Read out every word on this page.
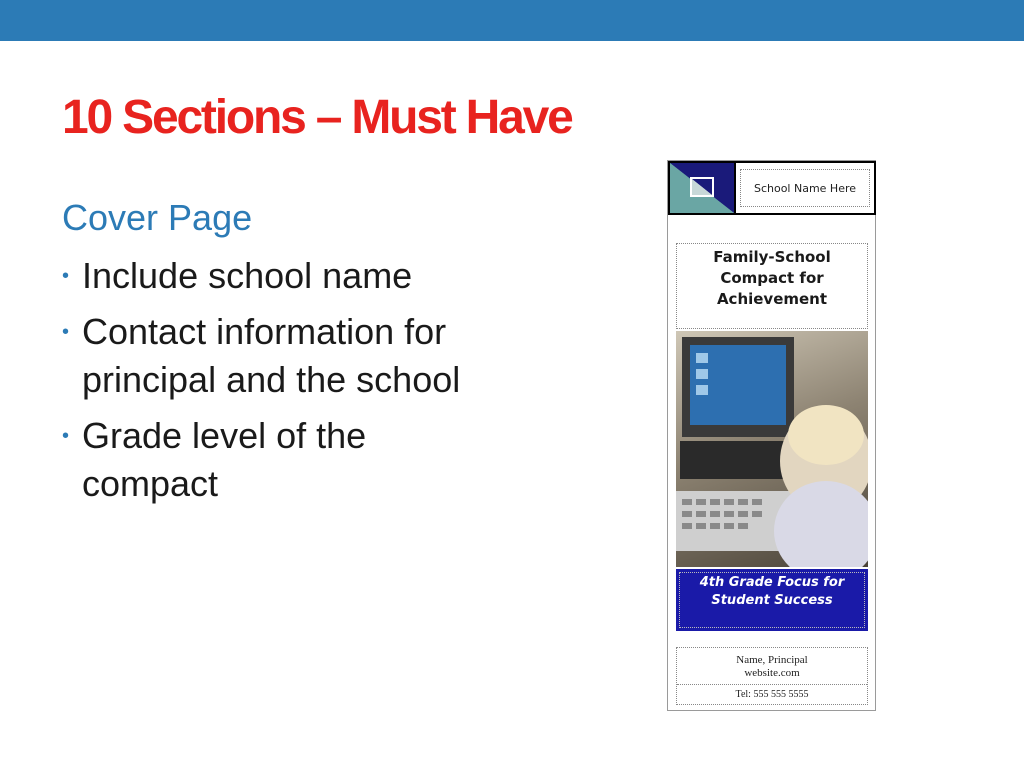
10 Sections – Must Have
Cover Page
• Include school name
• Contact information for principal and the school
• Grade level of the compact
School Name Here
Family-School Compact for Achievement
4th Grade Focus for Student Success
Name, Principal
website.com
Tel: 555 555 5555
